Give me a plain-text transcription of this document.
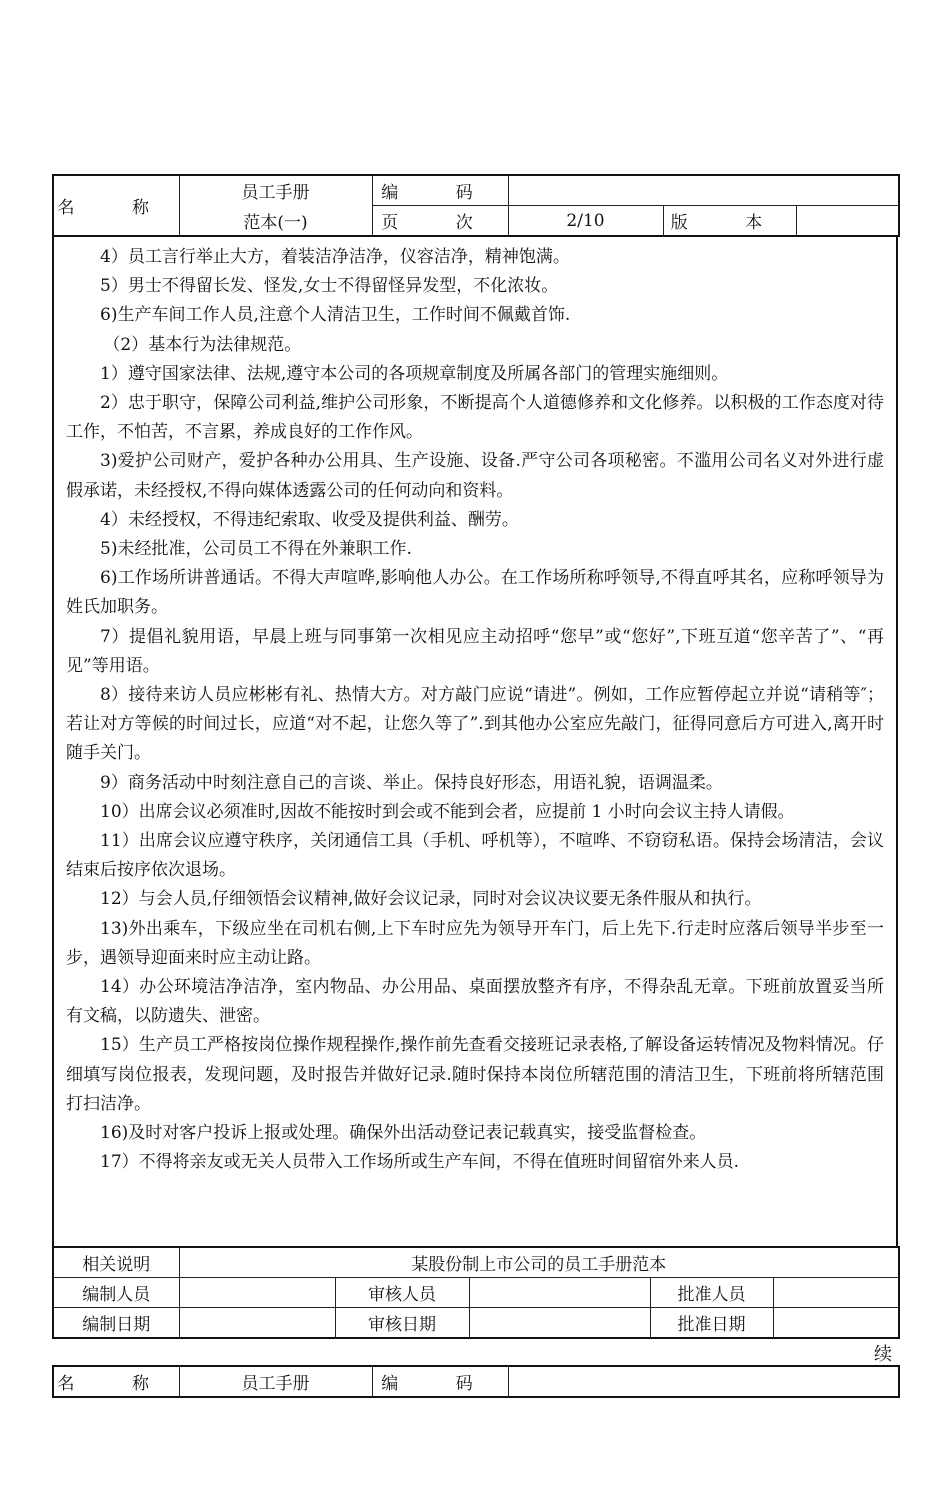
名 称	员工手册	编 码			
	范本(一)	页 次	2/10	版 本	

4）员工言行举止大方，着装洁净洁净，仪容洁净，精神饱满。

5）男士不得留长发、怪发,女士不得留怪异发型，不化浓妆。

6)生产车间工作人员,注意个人清洁卫生，工作时间不佩戴首饰.

（2）基本行为法律规范。

1）遵守国家法律、法规,遵守本公司的各项规章制度及所属各部门的管理实施细则。

2）忠于职守，保障公司利益,维护公司形象，不断提高个人道德修养和文化修养。以积极的工作态度对待工作，不怕苦，不言累，养成良好的工作作风。

3)爱护公司财产，爱护各种办公用具、生产设施、设备.严守公司各项秘密。不滥用公司名义对外进行虚假承诺，未经授权,不得向媒体透露公司的任何动向和资料。

4）未经授权，不得违纪索取、收受及提供利益、酬劳。

5)未经批准，公司员工不得在外兼职工作.

6)工作场所讲普通话。不得大声喧哗,影响他人办公。在工作场所称呼领导,不得直呼其名，应称呼领导为姓氏加职务。

7）提倡礼貌用语，早晨上班与同事第一次相见应主动招呼“您早”或“您好”,下班互道“您辛苦了”、“再见”等用语。

8）接待来访人员应彬彬有礼、热情大方。对方敲门应说“请进”。例如，工作应暂停起立并说“请稍等″；若让对方等候的时间过长，应道“对不起，让您久等了”.到其他办公室应先敲门，征得同意后方可进入,离开时随手关门。

9）商务活动中时刻注意自己的言谈、举止。保持良好形态，用语礼貌，语调温柔。

10）出席会议必须准时,因故不能按时到会或不能到会者，应提前 1 小时向会议主持人请假。

11）出席会议应遵守秩序，关闭通信工具（手机、呼机等），不喧哗、不窃窃私语。保持会场清洁，会议结束后按序依次退场。

12）与会人员,仔细领悟会议精神,做好会议记录，同时对会议决议要无条件服从和执行。

13)外出乘车，下级应坐在司机右侧,上下车时应先为领导开车门，后上先下.行走时应落后领导半步至一步，遇领导迎面来时应主动让路。

14）办公环境洁净洁净，室内物品、办公用品、桌面摆放整齐有序，不得杂乱无章。下班前放置妥当所有文稿，以防遗失、泄密。

15）生产员工严格按岗位操作规程操作,操作前先查看交接班记录表格,了解设备运转情况及物料情况。仔细填写岗位报表，发现问题，及时报告并做好记录.随时保持本岗位所辖范围的清洁卫生，下班前将所辖范围打扫洁净。

16)及时对客户投诉上报或处理。确保外出活动登记表记载真实，接受监督检查。

17）不得将亲友或无关人员带入工作场所或生产车间，不得在值班时间留宿外来人员.

相关说明	某股份制上市公司的员工手册范本				
编制人员		审核人员		批准人员	
编制日期		审核日期		批准日期	
续
名 称	员工手册	编 码	
